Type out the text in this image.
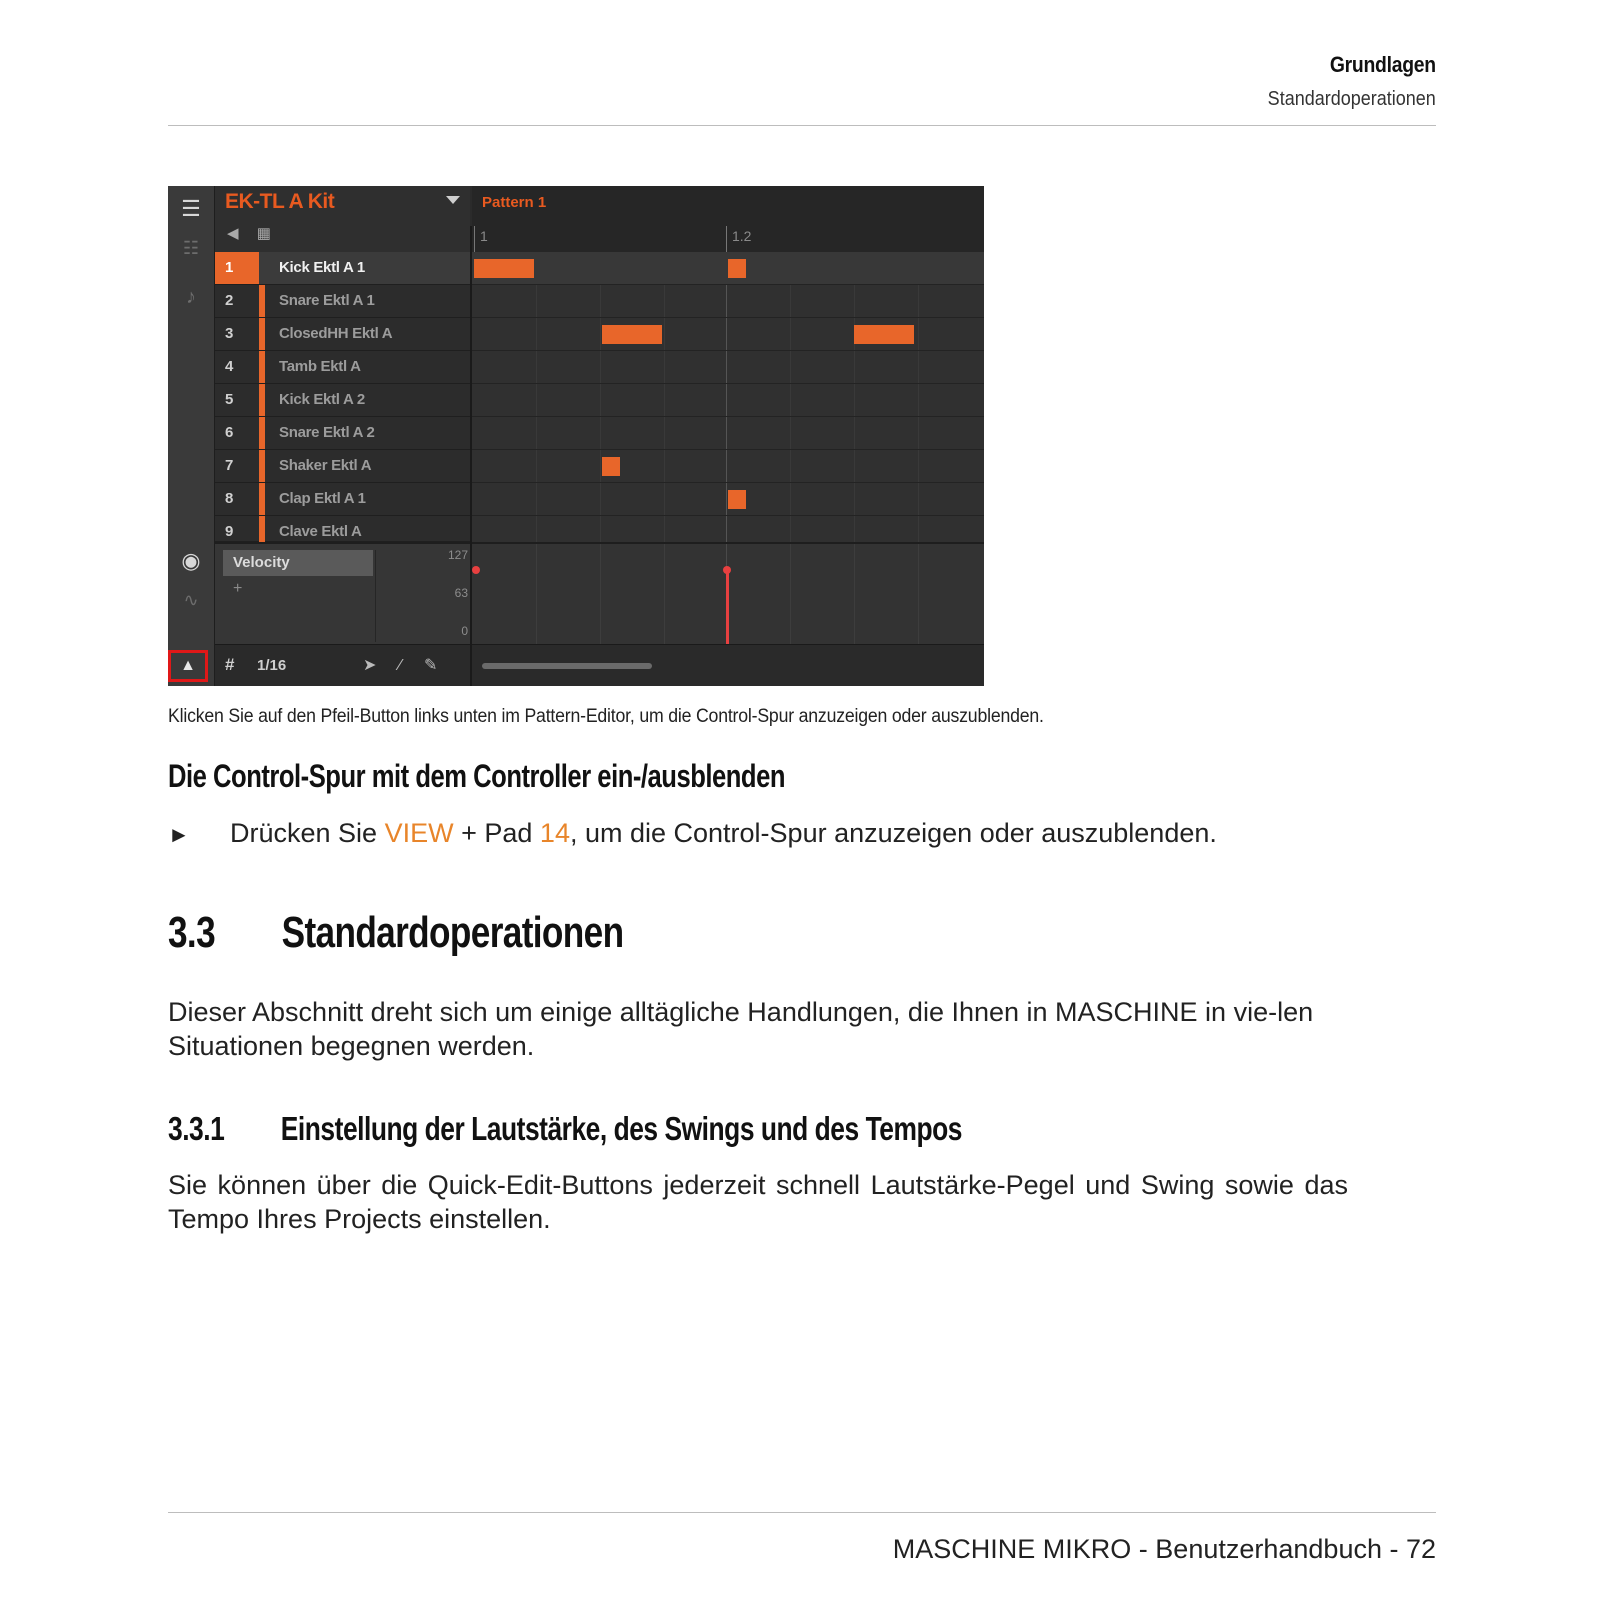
Grundlagen
Standardoperationen
☰
☷
♪
◉
∿
▲
EK-TL A Kit
◀ ▦
Pattern 1
1	1.2
1	Kick Ektl A 1
2	Snare Ektl A 1
3	ClosedHH Ektl A
4	Tamb Ektl A
5	Kick Ektl A 2
6	Snare Ektl A 2
7	Shaker Ektl A
8	Clap Ektl A 1
9	Clave Ektl A
Velocity
+
127
63
0
# 1/16	➤ ⁄ ✎
Klicken Sie auf den Pfeil-Button links unten im Pattern-Editor, um die Control-Spur anzuzeigen oder auszublenden.
Die Control-Spur mit dem Controller ein-/ausblenden
► Drücken Sie VIEW + Pad 14, um die Control-Spur anzuzeigen oder auszublenden.
3.3 Standardoperationen
Dieser Abschnitt dreht sich um einige alltägliche Handlungen, die Ihnen in MASCHINE in vie-len Situationen begegnen werden.
3.3.1 Einstellung der Lautstärke, des Swings und des Tempos
Sie können über die Quick-Edit-Buttons jederzeit schnell Lautstärke-Pegel und Swing sowie das Tempo Ihres Projects einstellen.
MASCHINE MIKRO - Benutzerhandbuch - 72
